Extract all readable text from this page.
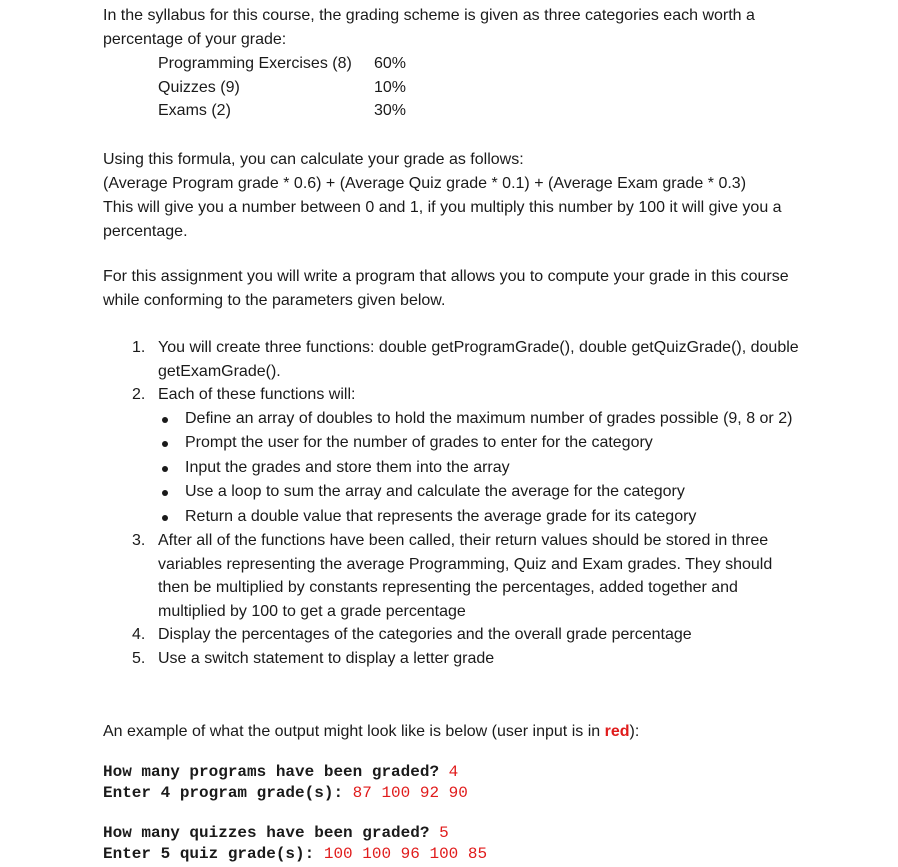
In the syllabus for this course, the grading scheme is given as three categories each worth a percentage of your grade:

Programming Exercises (8)	60%
Quizzes (9)	10%
Exams (2)	30%
Using this formula, you can calculate your grade as follows:
(Average Program grade * 0.6) + (Average Quiz grade * 0.1) + (Average Exam grade * 0.3)
This will give you a number between 0 and 1, if you multiply this number by 100 it will give you a percentage.

For this assignment you will write a program that allows you to compute your grade in this course while conforming to the parameters given below.

1. You will create three functions: double getProgramGrade(), double getQuizGrade(), double getExamGrade().
2. Each of these functions will:
Define an array of doubles to hold the maximum number of grades possible (9, 8 or 2)
Prompt the user for the number of grades to enter for the category
Input the grades and store them into the array
Use a loop to sum the array and calculate the average for the category
Return a double value that represents the average grade for its category
3. After all of the functions have been called, their return values should be stored in three variables representing the average Programming, Quiz and Exam grades. They should then be multiplied by constants representing the percentages, added together and multiplied by 100 to get a grade percentage
4. Display the percentages of the categories and the overall grade percentage
5. Use a switch statement to display a letter grade

An example of what the output might look like is below (user input is in red):

How many programs have been graded? 4
Enter 4 program grade(s): 87 100 92 90
How many quizzes have been graded? 5
Enter 5 quiz grade(s): 100 100 96 100 85
